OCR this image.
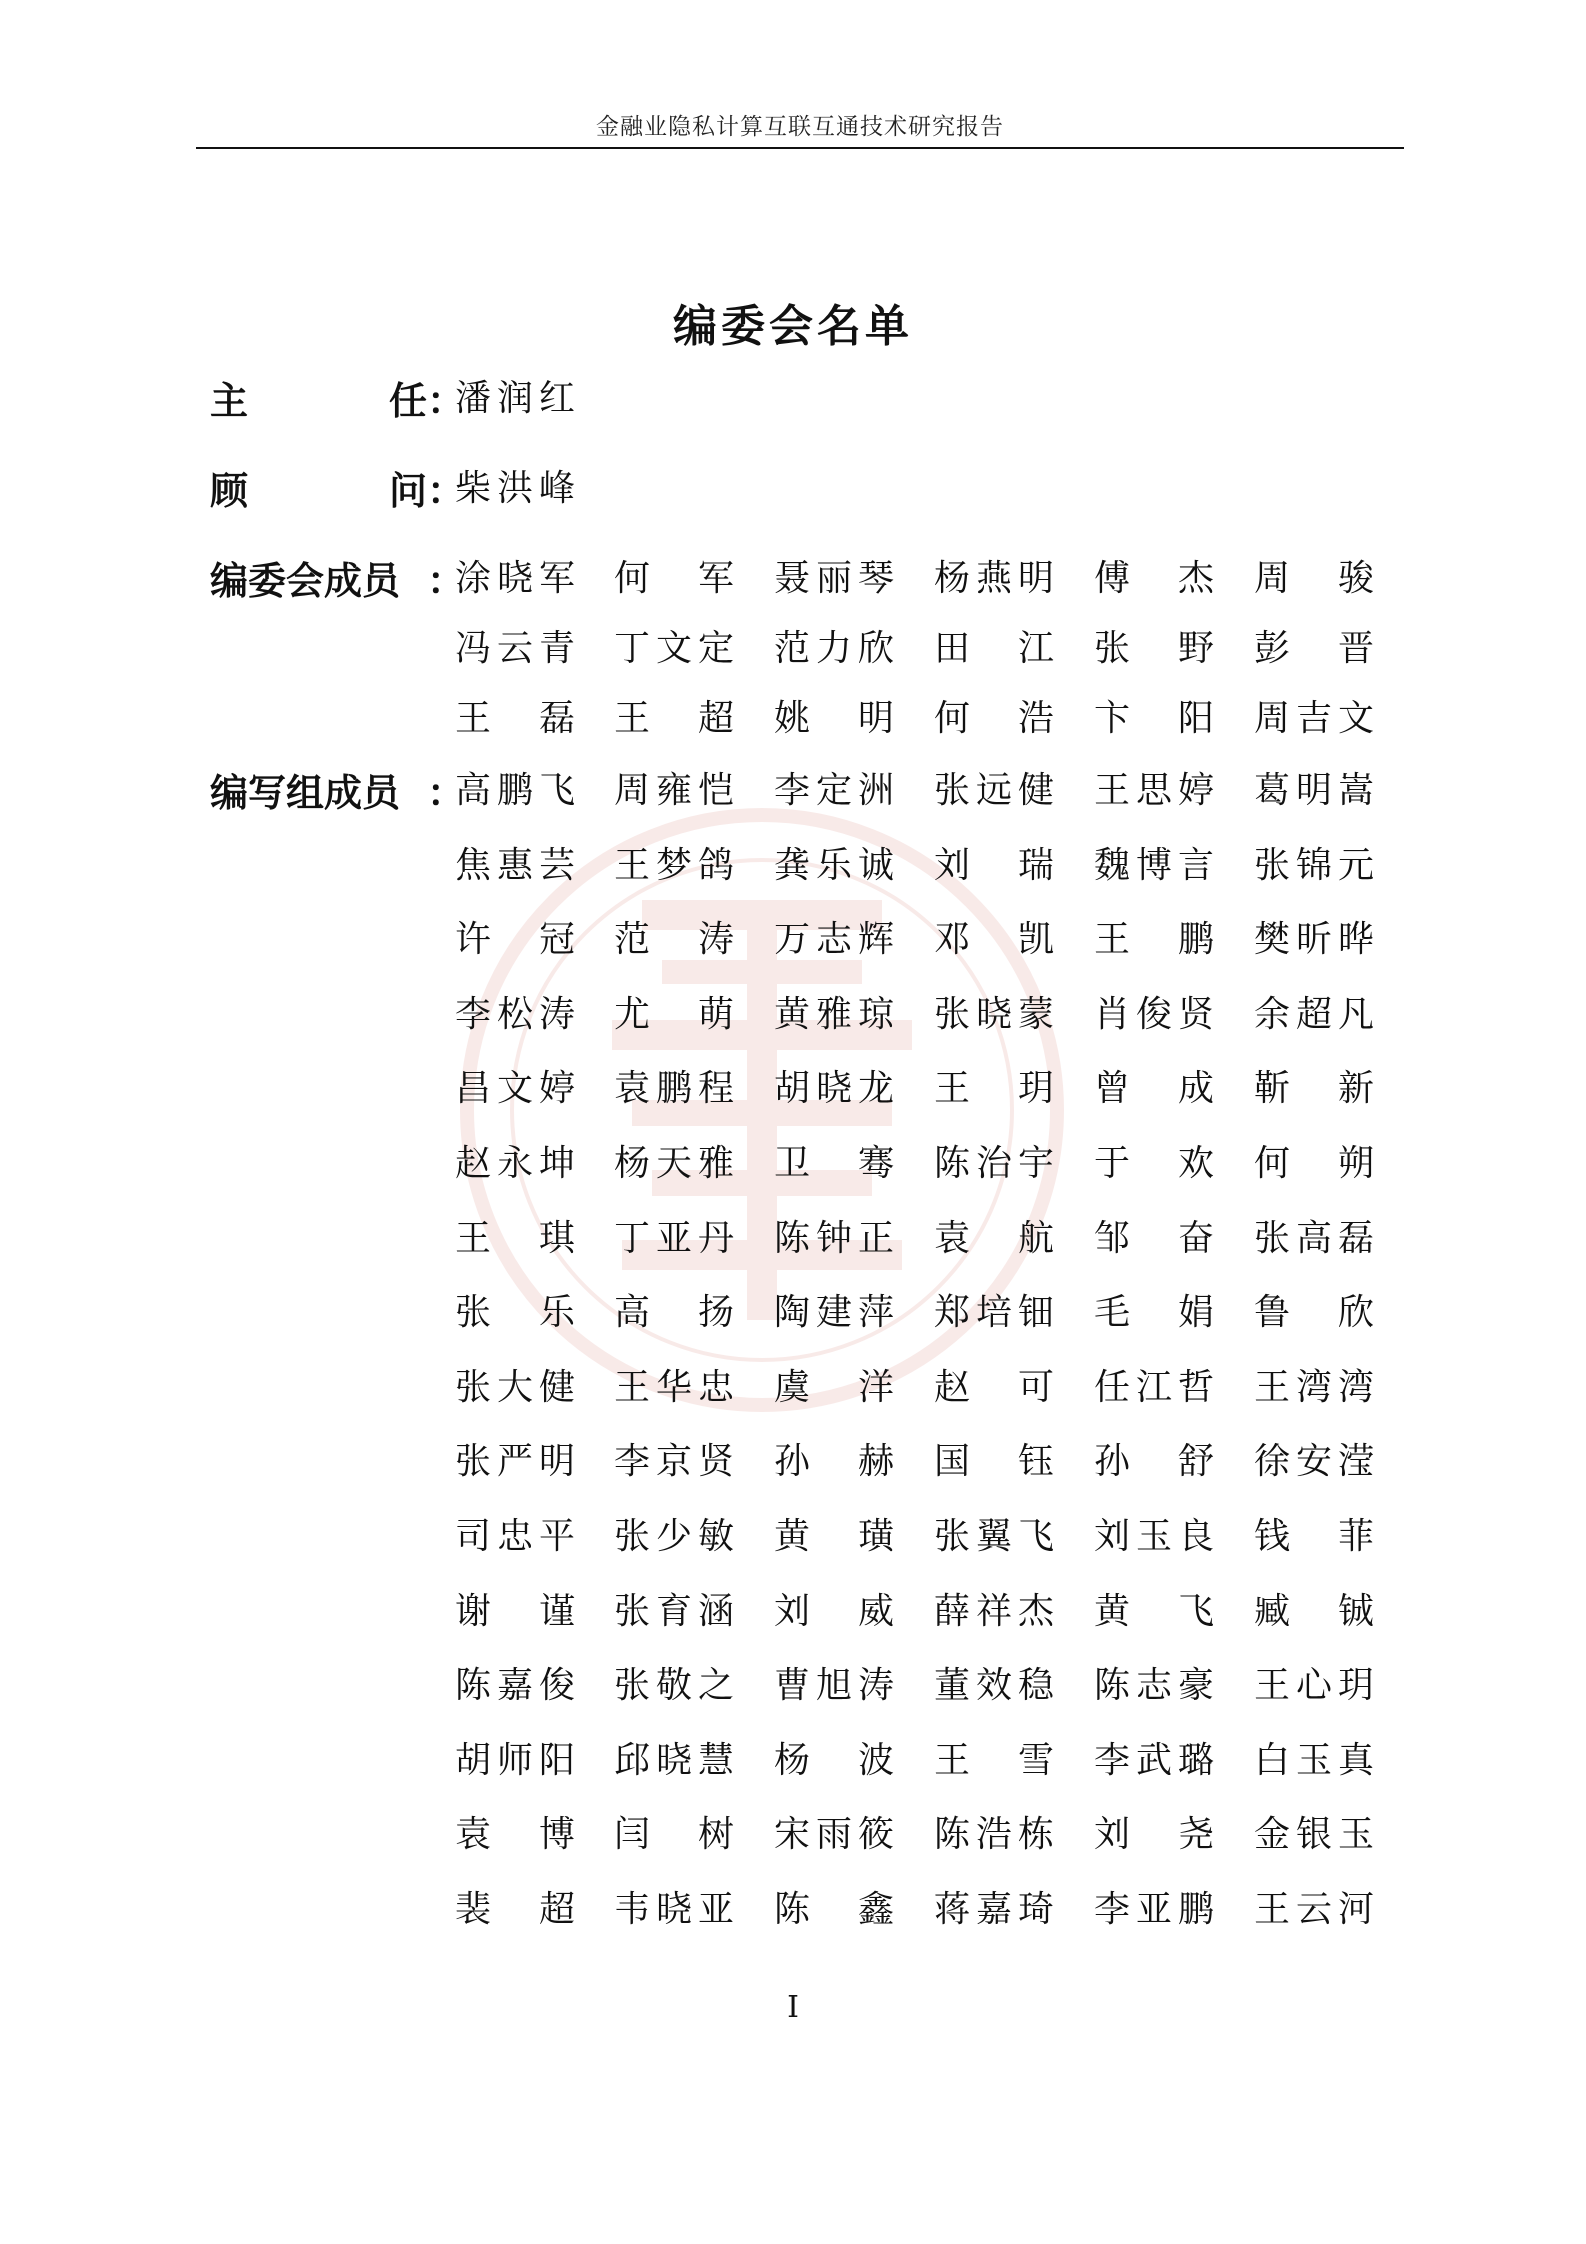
金融业隐私计算互联互通技术研究报告
编委会名单
主	任 ：
潘润红
顾	问 ：
柴洪峰
编委会成员 ：
编写组成员 ：
涂晓军 何　军 聂丽琴 杨燕明 傅　杰 周　骏
冯云青 丁文定 范力欣 田　江 张　野 彭　晋
王　磊 王　超 姚　明 何　浩 卞　阳 周吉文
高鹏飞 周雍恺 李定洲 张远健 王思婷 葛明嵩
焦惠芸 王梦鸽 龚乐诚 刘　瑞 魏博言 张锦元
许　冠 范　涛 万志辉 邓　凯 王　鹏 樊昕晔
李松涛 尤　萌 黄雅琼 张晓蒙 肖俊贤 余超凡
昌文婷 袁鹏程 胡晓龙 王　玥 曾　成 靳　新
赵永坤 杨天雅 卫　骞 陈治宇 于　欢 何　朔
王　琪 丁亚丹 陈钟正 袁　航 邹　奋 张高磊
张　乐 高　扬 陶建萍 郑培钿 毛　娟 鲁　欣
张大健 王华忠 虞　洋 赵　可 任江哲 王湾湾
张严明 李京贤 孙　赫 国　钰 孙　舒 徐安滢
司忠平 张少敏 黄　璜 张翼飞 刘玉良 钱　菲
谢　谨 张育涵 刘　威 薛祥杰 黄　飞 臧　铖
陈嘉俊 张敬之 曹旭涛 董效稳 陈志豪 王心玥
胡师阳 邱晓慧 杨　波 王　雪 李武璐 白玉真
袁　博 闫　树 宋雨筱 陈浩栋 刘　尧 金银玉
裴　超 韦晓亚 陈　鑫 蒋嘉琦 李亚鹏 王云河
I
